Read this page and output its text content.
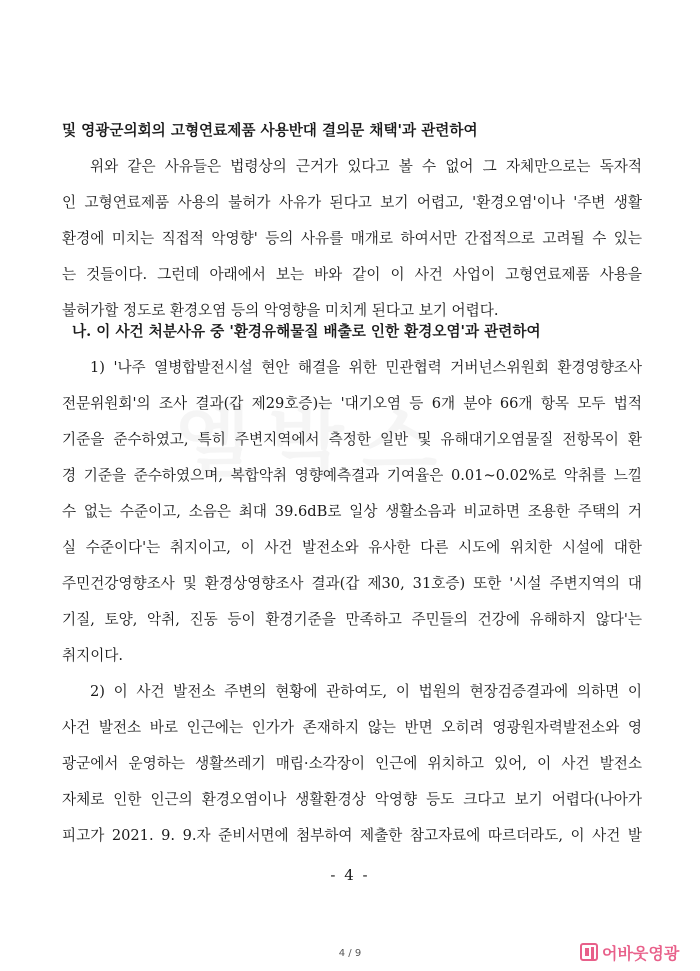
및 영광군의회의 고형연료제품 사용반대 결의문 채택'과 관련하여
위와 같은 사유들은 법령상의 근거가 있다고 볼 수 없어 그 자체만으로는 독자적
인 고형연료제품 사용의 불허가 사유가 된다고 보기 어렵고, '환경오염'이나 '주변 생활
환경에 미치는 직접적 악영향' 등의 사유를 매개로 하여서만 간접적으로 고려될 수 있는
는 것들이다. 그런데 아래에서 보는 바와 같이 이 사건 사업이 고형연료제품 사용을
불허가할 정도로 환경오염 등의 악영향을 미치게 된다고 보기 어렵다.
나. 이 사건 처분사유 중 '환경유해물질 배출로 인한 환경오염'과 관련하여
1) '나주 열병합발전시설 현안 해결을 위한 민관협력 거버넌스위원회 환경영향조사
전문위원회'의 조사 결과(갑 제29호증)는 '대기오염 등 6개 분야 66개 항목 모두 법적
기준을 준수하였고, 특히 주변지역에서 측정한 일반 및 유해대기오염물질 전항목이 환
경 기준을 준수하였으며, 복합악취 영향예측결과 기여율은 0.01~0.02%로 악취를 느낄
수 없는 수준이고, 소음은 최대 39.6dB로 일상 생활소음과 비교하면 조용한 주택의 거
실 수준이다'는 취지이고, 이 사건 발전소와 유사한 다른 시도에 위치한 시설에 대한
주민건강영향조사 및 환경상영향조사 결과(갑 제30, 31호증) 또한 '시설 주변지역의 대
기질, 토양, 악취, 진동 등이 환경기준을 만족하고 주민들의 건강에 유해하지 않다'는
취지이다.
2) 이 사건 발전소 주변의 현황에 관하여도, 이 법원의 현장검증결과에 의하면 이
사건 발전소 바로 인근에는 인가가 존재하지 않는 반면 오히려 영광원자력발전소와 영
광군에서 운영하는 생활쓰레기 매립·소각장이 인근에 위치하고 있어, 이 사건 발전소
자체로 인한 인근의 환경오염이나 생활환경상 악영향 등도 크다고 보기 어렵다(나아가
피고가 2021. 9. 9.자 준비서면에 첨부하여 제출한 참고자료에 따르더라도, 이 사건 발
- 4 -
4 / 9	어바웃영광
